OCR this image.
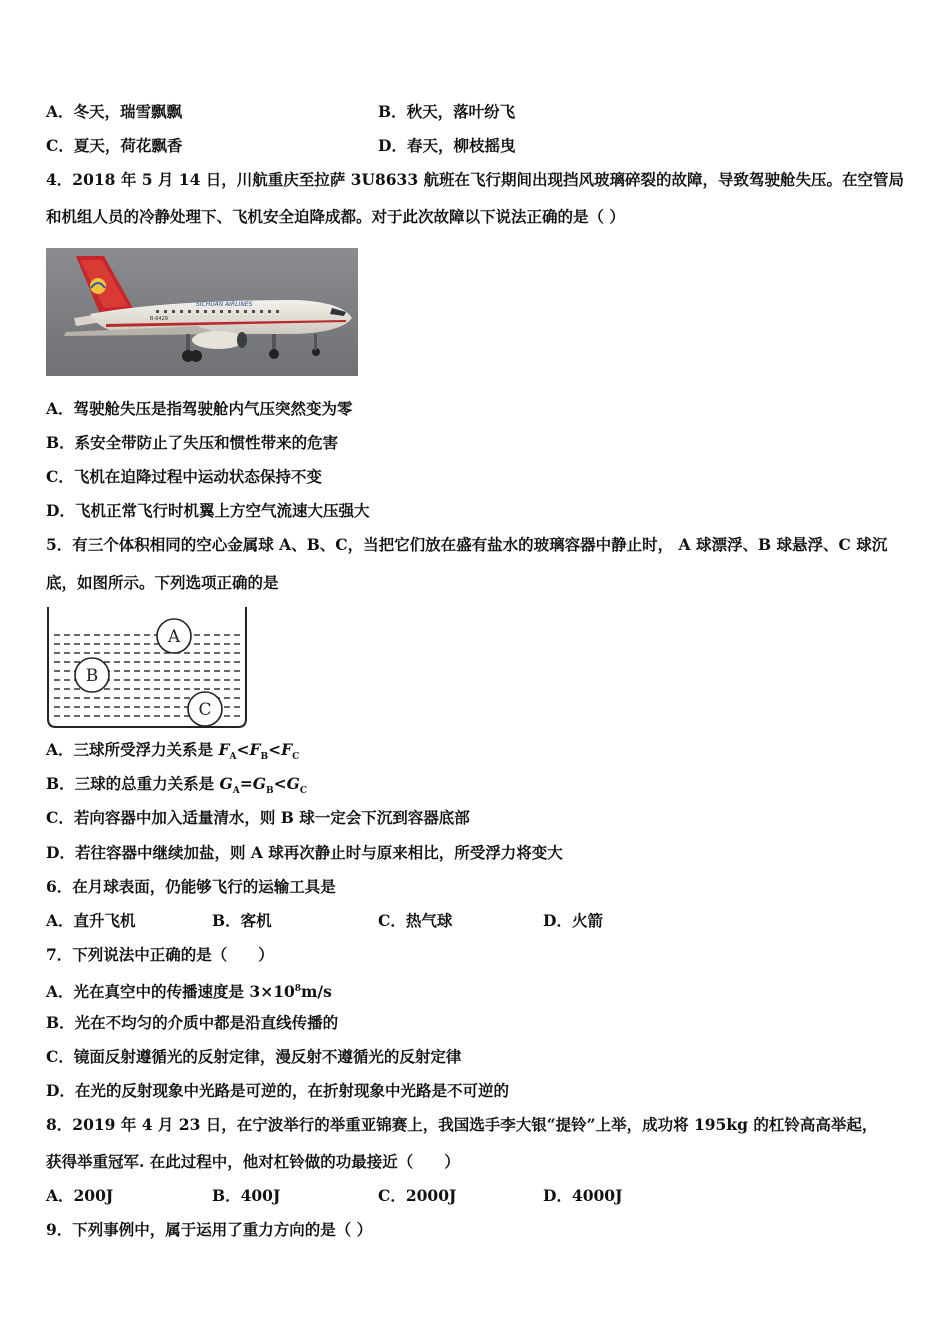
A．冬天，瑞雪飘飘	B．秋天，落叶纷飞
C．夏天，荷花飘香	D．春天，柳枝摇曳
4．2018 年 5 月 14 日，川航重庆至拉萨 3U8633 航班在飞行期间出现挡风玻璃碎裂的故障，导致驾驶舱失压。在空管局
和机组人员的冷静处理下、飞机安全迫降成都。对于此次故障以下说法正确的是（ ）
SICHUAN AIRLINES
B-6429
A．驾驶舱失压是指驾驶舱内气压突然变为零
B．系安全带防止了失压和惯性带来的危害
C．飞机在迫降过程中运动状态保持不变
D．飞机正常飞行时机翼上方空气流速大压强大
5．有三个体积相同的空心金属球 A、B、C，当把它们放在盛有盐水的玻璃容器中静止时， A 球漂浮、B 球悬浮、C 球沉
底，如图所示。下列选项正确的是
A
B
C
A．三球所受浮力关系是 $F_A<F_B<F_C$
B．三球的总重力关系是 $G_A=G_B<G_C$
C．若向容器中加入适量清水，则 B 球一定会下沉到容器底部
D．若往容器中继续加盐，则 A 球再次静止时与原来相比，所受浮力将变大
6．在月球表面，仍能够飞行的运输工具是
A．直升飞机	B．客机	C．热气球	D．火箭
7．下列说法中正确的是（　　）
A．光在真空中的传播速度是 $3\times 10^8m/s$
B．光在不均匀的介质中都是沿直线传播的
C．镜面反射遵循光的反射定律，漫反射不遵循光的反射定律
D．在光的反射现象中光路是可逆的，在折射现象中光路是不可逆的
8．2019 年 4 月 23 日，在宁波举行的举重亚锦赛上，我国选手李大银“提铃”上举，成功将 195kg 的杠铃高高举起，
获得举重冠军. 在此过程中，他对杠铃做的功最接近（　　）
A．200J	B．400J	C．2000J	D．4000J
9．下列事例中，属于运用了重力方向的是（ ）
